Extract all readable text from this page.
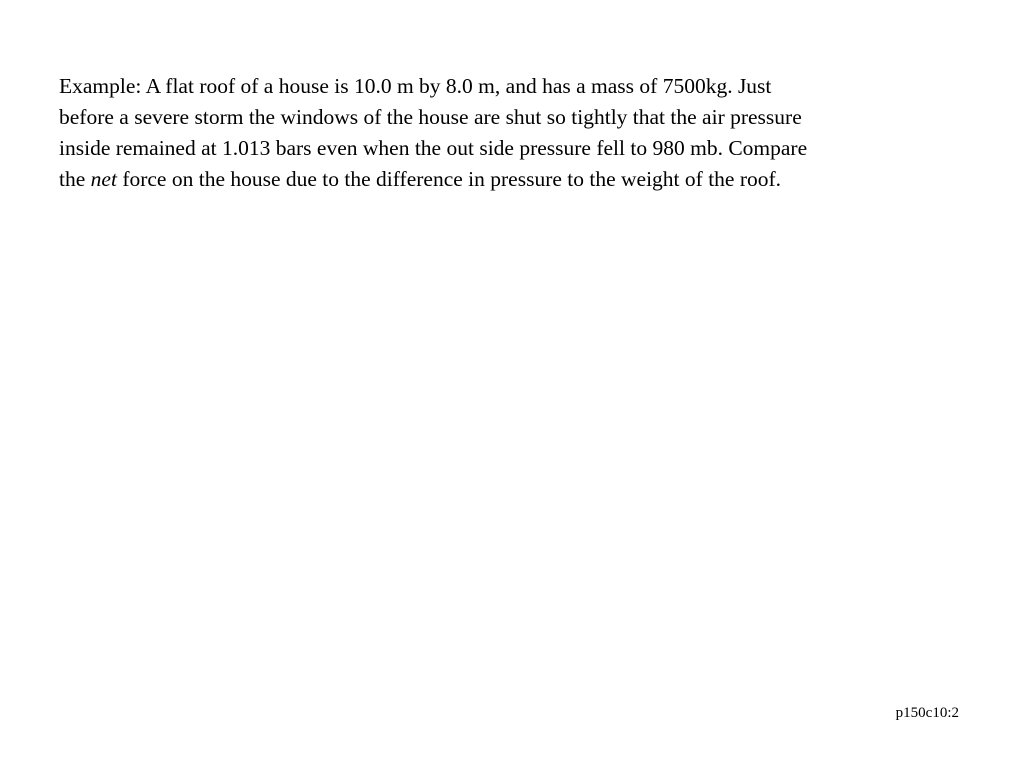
Example: A flat roof of a house is 10.0 m by 8.0 m, and has a mass of 7500kg. Just
before a severe storm the windows of the house are shut so tightly that the air pressure
inside remained at 1.013 bars even when the out side pressure fell to 980 mb. Compare
the net force on the house due to the difference in pressure to the weight of the roof.

p150c10:2
